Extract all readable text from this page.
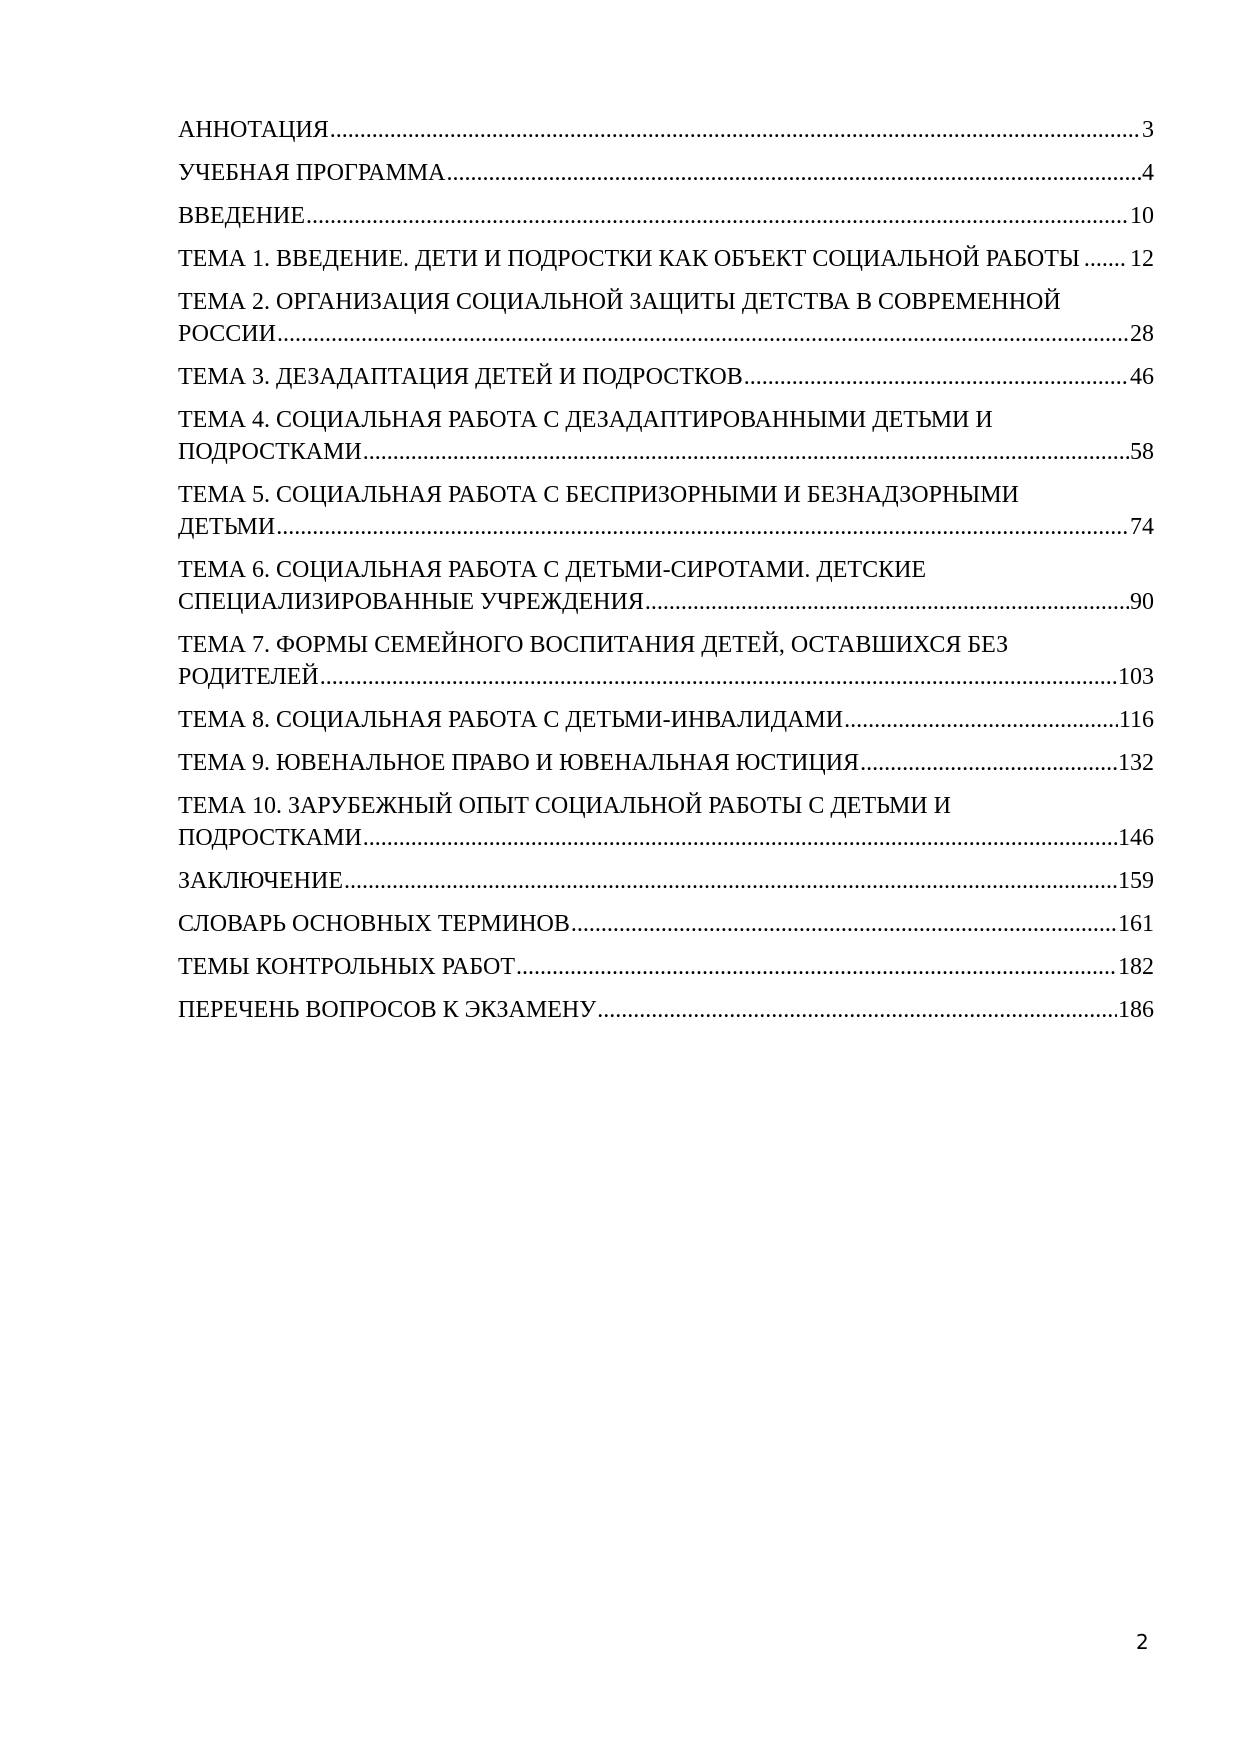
АННОТАЦИЯ .....	3
УЧЕБНАЯ ПРОГРАММА .....	4
ВВЕДЕНИЕ .....	10
ТЕМА 1. ВВЕДЕНИЕ. ДЕТИ И ПОДРОСТКИ КАК ОБЪЕКТ СОЦИАЛЬНОЙ РАБОТЫ ..... 12
ТЕМА 2. ОРГАНИЗАЦИЯ СОЦИАЛЬНОЙ ЗАЩИТЫ ДЕТСТВА В СОВРЕМЕННОЙ
РОССИИ .....	28
ТЕМА 3. ДЕЗАДАПТАЦИЯ ДЕТЕЙ И ПОДРОСТКОВ .....	46
ТЕМА 4. СОЦИАЛЬНАЯ РАБОТА С ДЕЗАДАПТИРОВАННЫМИ ДЕТЬМИ И
ПОДРОСТКАМИ .....	58
ТЕМА 5. СОЦИАЛЬНАЯ РАБОТА С БЕСПРИЗОРНЫМИ И БЕЗНАДЗОРНЫМИ
ДЕТЬМИ .....	74
ТЕМА 6. СОЦИАЛЬНАЯ РАБОТА С ДЕТЬМИ-СИРОТАМИ. ДЕТСКИЕ
СПЕЦИАЛИЗИРОВАННЫЕ УЧРЕЖДЕНИЯ .....	90
ТЕМА 7. ФОРМЫ СЕМЕЙНОГО ВОСПИТАНИЯ ДЕТЕЙ, ОСТАВШИХСЯ БЕЗ
РОДИТЕЛЕЙ .....	103
ТЕМА 8. СОЦИАЛЬНАЯ РАБОТА С ДЕТЬМИ-ИНВАЛИДАМИ .....	116
ТЕМА 9. ЮВЕНАЛЬНОЕ ПРАВО И ЮВЕНАЛЬНАЯ ЮСТИЦИЯ .....	132
ТЕМА 10. ЗАРУБЕЖНЫЙ ОПЫТ СОЦИАЛЬНОЙ РАБОТЫ С ДЕТЬМИ И
ПОДРОСТКАМИ .....	146
ЗАКЛЮЧЕНИЕ .....	159
СЛОВАРЬ ОСНОВНЫХ ТЕРМИНОВ .....	161
ТЕМЫ КОНТРОЛЬНЫХ РАБОТ .....	182
ПЕРЕЧЕНЬ ВОПРОСОВ К ЭКЗАМЕНУ .....	186
2
